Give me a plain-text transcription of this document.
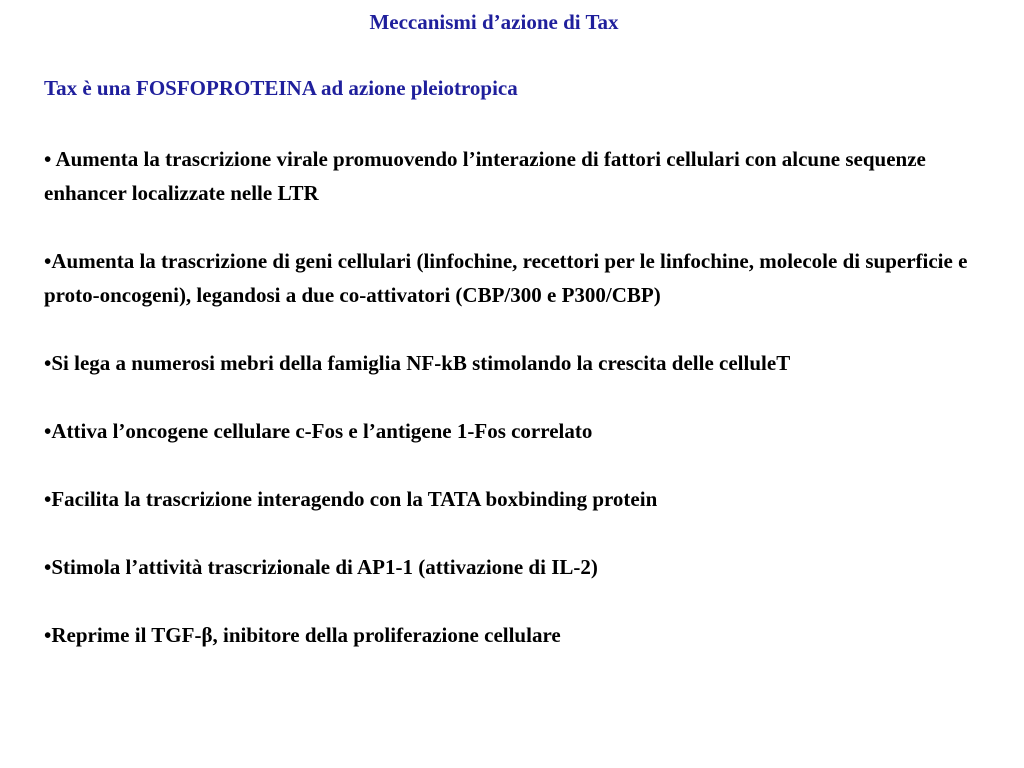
Meccanismi d’azione di Tax

Tax è una FOSFOPROTEINA ad azione pleiotropica

• Aumenta la trascrizione virale promuovendo l’interazione di fattori cellulari con alcune sequenze enhancer localizzate nelle LTR
•Aumenta la trascrizione di geni cellulari (linfochine, recettori per le linfochine, molecole di superficie e proto-oncogeni), legandosi a due co-attivatori (CBP/300 e P300/CBP)
•Si lega a numerosi mebri della famiglia NF-kB stimolando la crescita delle celluleT
•Attiva l’oncogene cellulare c-Fos e l’antigene 1-Fos correlato
•Facilita la trascrizione interagendo con la TATA boxbinding protein
•Stimola l’attività trascrizionale di AP1-1 (attivazione di IL-2)
•Reprime il TGF-β, inibitore della proliferazione cellulare
